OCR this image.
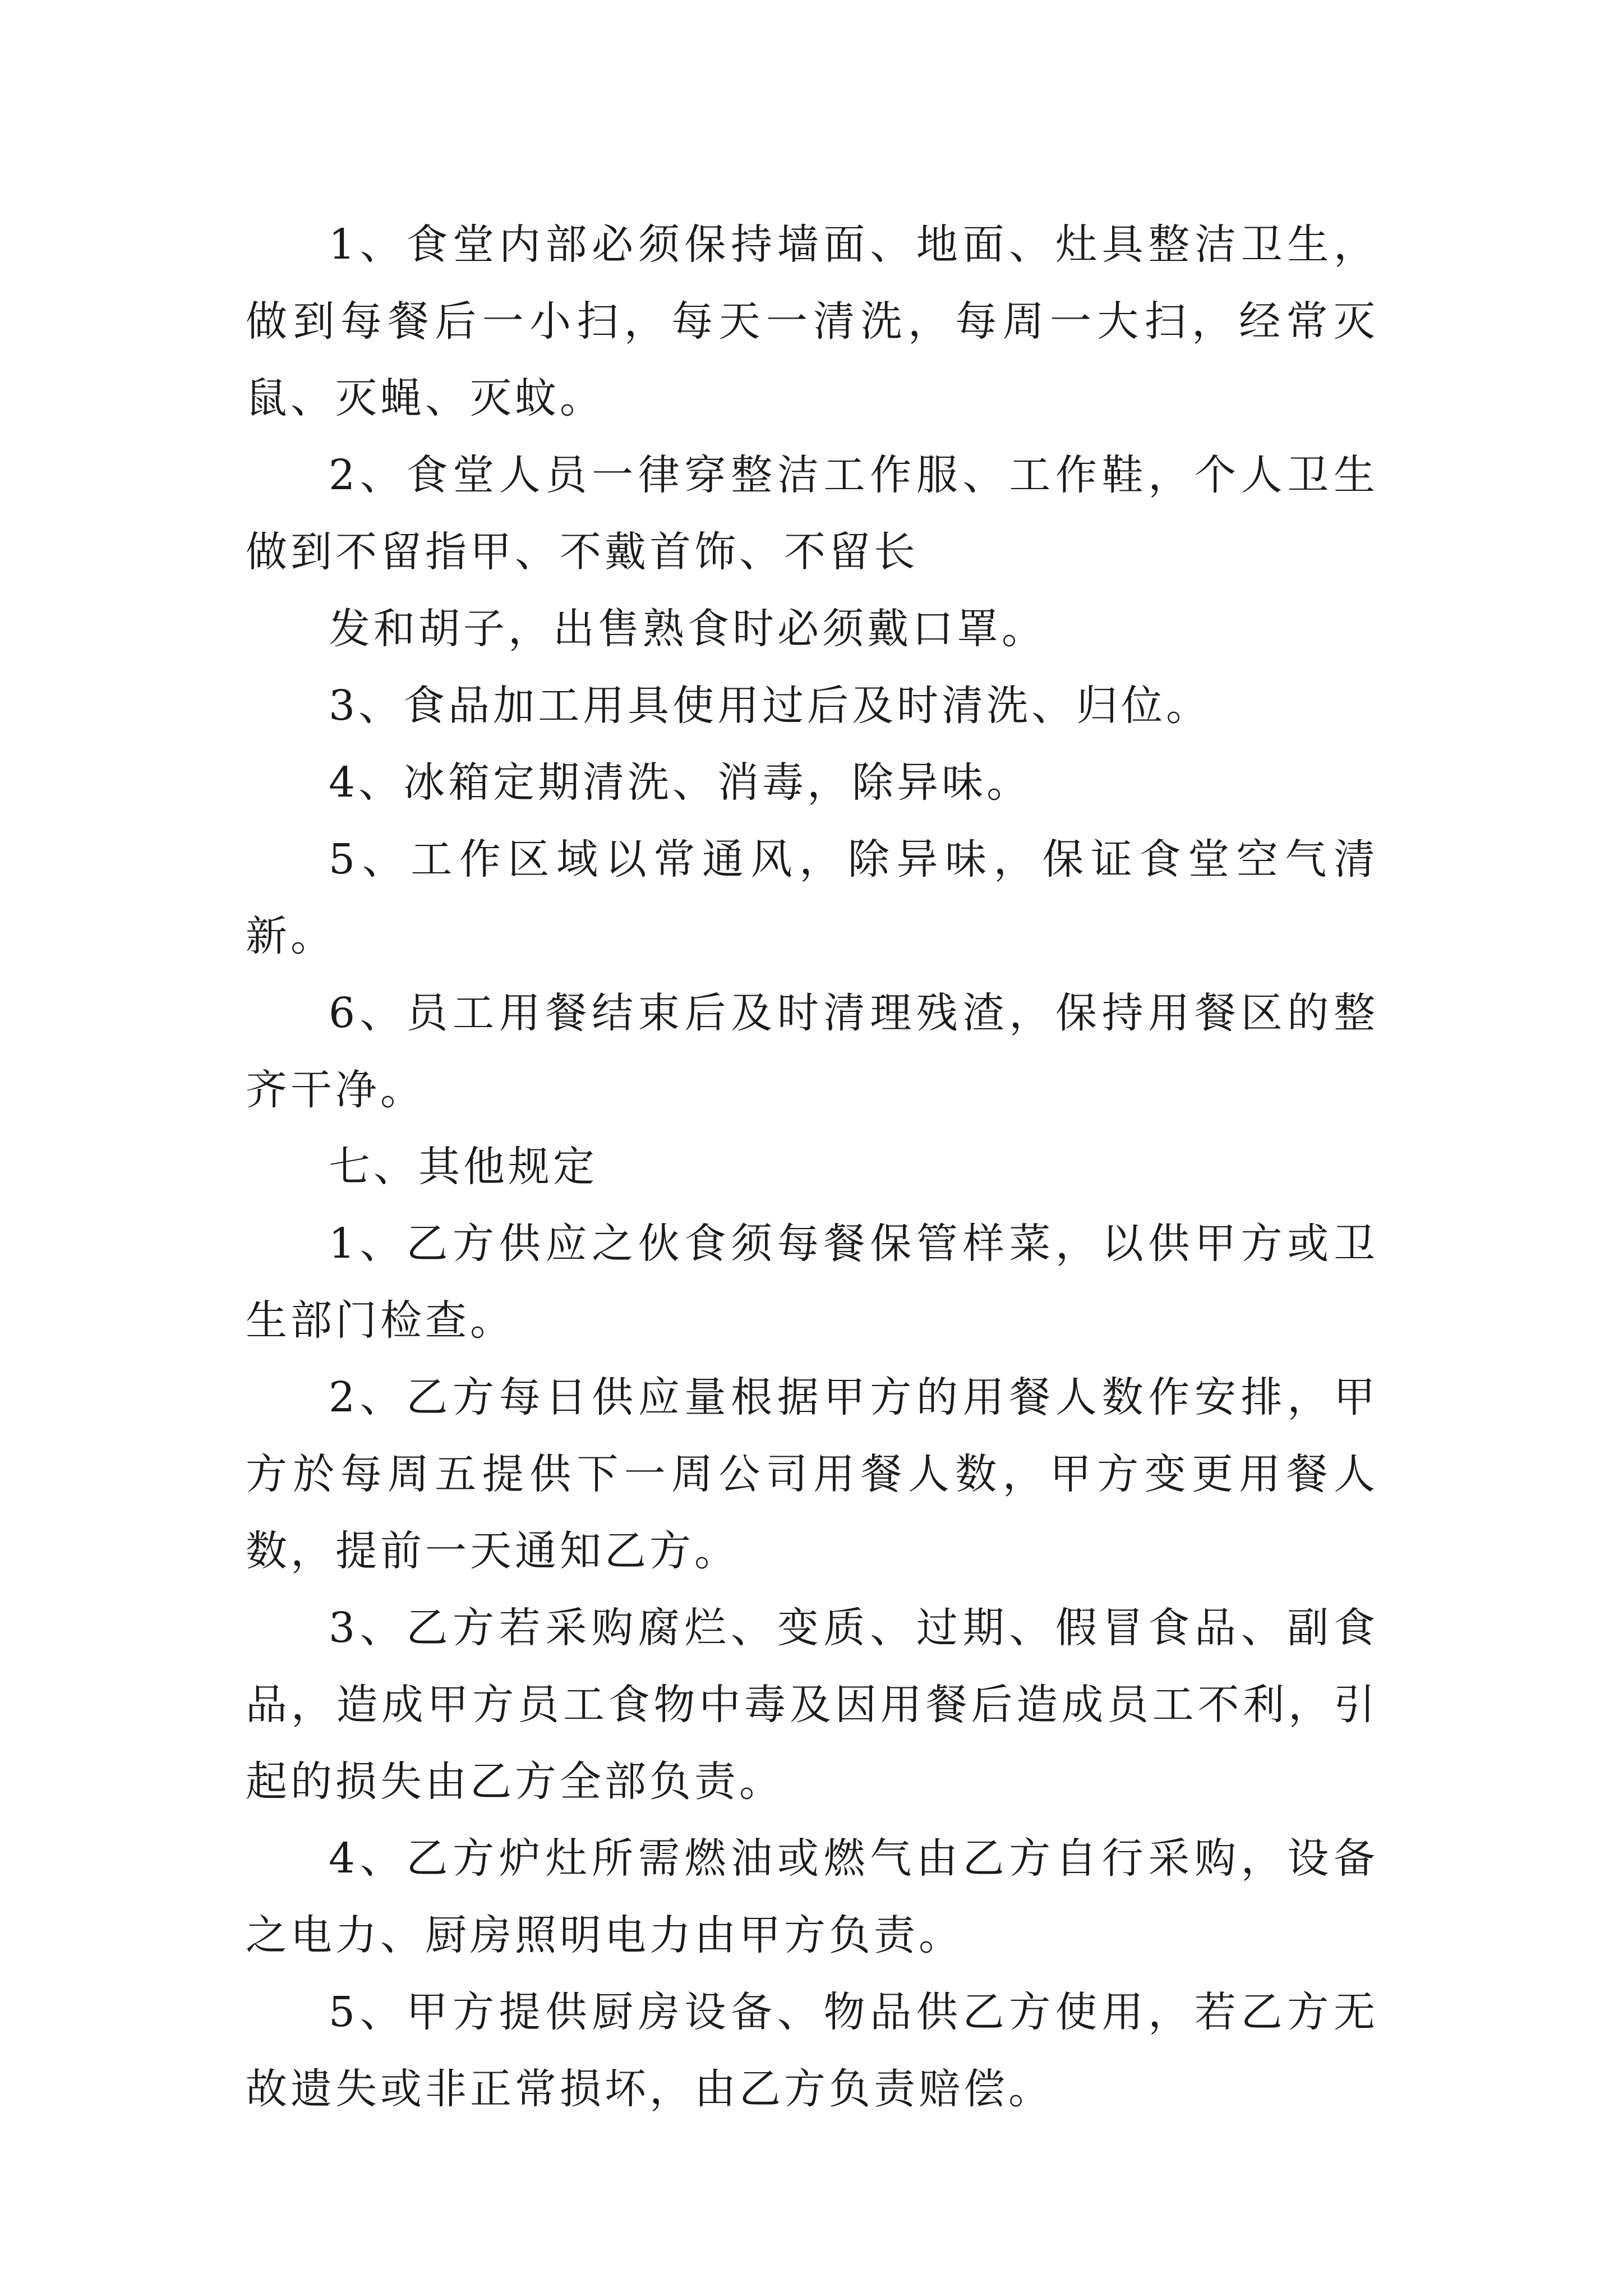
1、食堂内部必须保持墙面、地面、灶具整洁卫生，做到每餐后一小扫，每天一清洗，每周一大扫，经常灭鼠、灭蝇、灭蚊。

2、食堂人员一律穿整洁工作服、工作鞋，个人卫生做到不留指甲、不戴首饰、不留长

发和胡子，出售熟食时必须戴口罩。

3、食品加工用具使用过后及时清洗、归位。

4、冰箱定期清洗、消毒，除异味。

5、工作区域以常通风，除异味，保证食堂空气清新。

6、员工用餐结束后及时清理残渣，保持用餐区的整齐干净。

七、其他规定

1、乙方供应之伙食须每餐保管样菜，以供甲方或卫生部门检查。

2、乙方每日供应量根据甲方的用餐人数作安排，甲方於每周五提供下一周公司用餐人数，甲方变更用餐人数，提前一天通知乙方。

3、乙方若采购腐烂、变质、过期、假冒食品、副食品，造成甲方员工食物中毒及因用餐后造成员工不利，引起的损失由乙方全部负责。

4、乙方炉灶所需燃油或燃气由乙方自行采购，设备之电力、厨房照明电力由甲方负责。

5、甲方提供厨房设备、物品供乙方使用，若乙方无故遗失或非正常损坏，由乙方负责赔偿。
